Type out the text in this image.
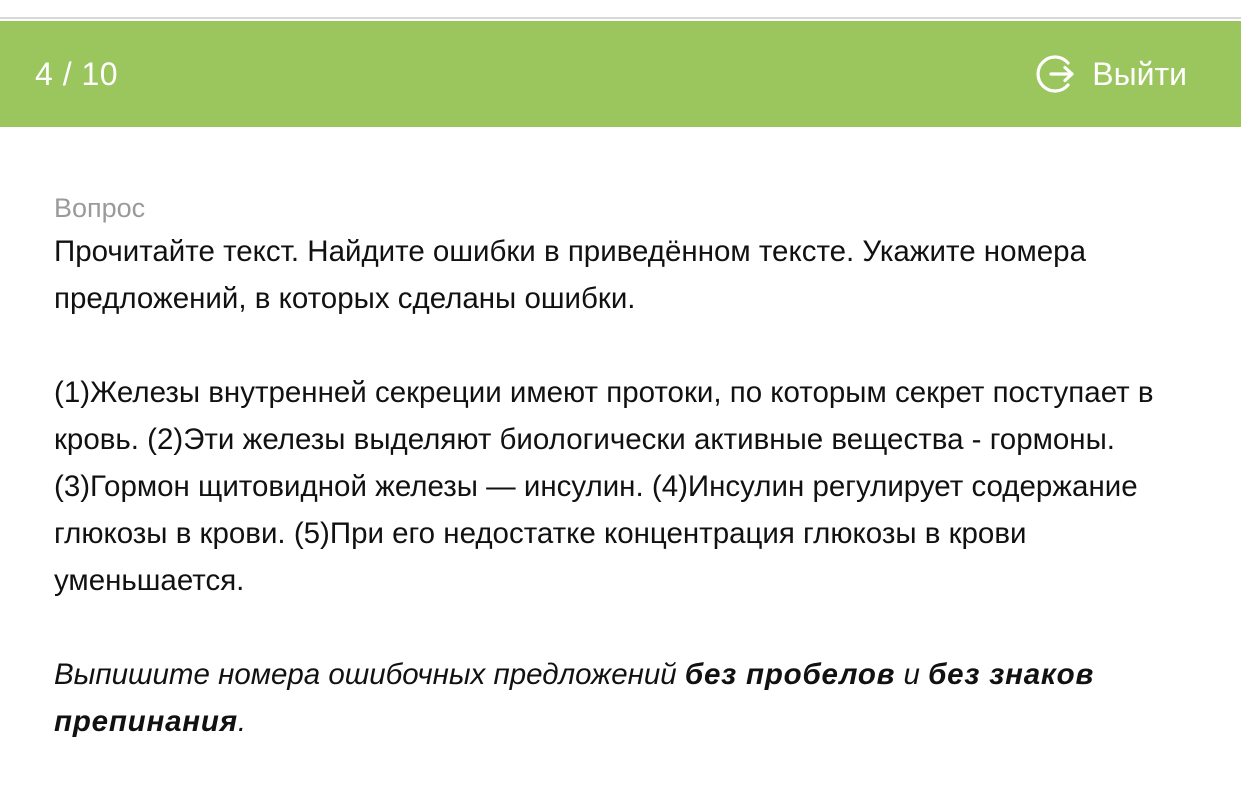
4 / 10	Выйти
Вопрос

Прочитайте текст. Найдите ошибки в приведённом тексте. Укажите номера предложений, в которых сделаны ошибки.

(1)Железы внутренней секреции имеют протоки, по которым секрет поступает в кровь. (2)Эти железы выделяют биологически активные вещества - гормоны. (3)Гормон щитовидной железы — инсулин. (4)Инсулин регулирует содержание глюкозы в крови. (5)При его недостатке концентрация глюкозы в крови уменьшается.

Выпишите номера ошибочных предложений без пробелов и без знаков препинания.
